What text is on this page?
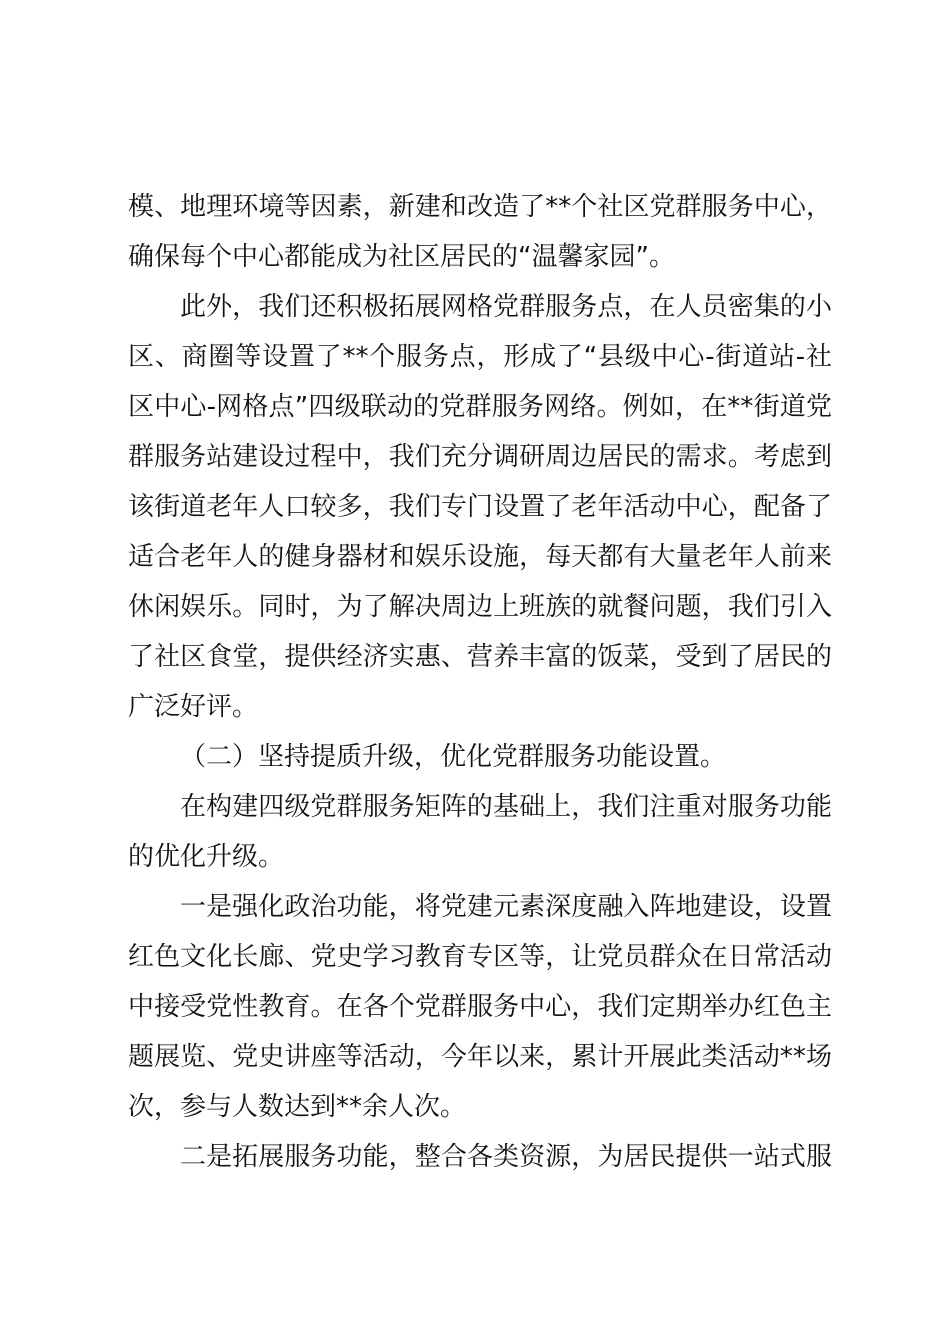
模、地理环境等因素，新建和改造了**个社区党群服务中心，
确保每个中心都能成为社区居民的“温馨家园”。
此外，我们还积极拓展网格党群服务点，在人员密集的小
区、商圈等设置了**个服务点，形成了“县级中心-街道站-社
区中心-网格点”四级联动的党群服务网络。例如，在**街道党
群服务站建设过程中，我们充分调研周边居民的需求。考虑到
该街道老年人口较多，我们专门设置了老年活动中心，配备了
适合老年人的健身器材和娱乐设施，每天都有大量老年人前来
休闲娱乐。同时，为了解决周边上班族的就餐问题，我们引入
了社区食堂，提供经济实惠、营养丰富的饭菜，受到了居民的
广泛好评。
（二）坚持提质升级，优化党群服务功能设置。
在构建四级党群服务矩阵的基础上，我们注重对服务功能
的优化升级。
一是强化政治功能，将党建元素深度融入阵地建设，设置
红色文化长廊、党史学习教育专区等，让党员群众在日常活动
中接受党性教育。在各个党群服务中心，我们定期举办红色主
题展览、党史讲座等活动，今年以来，累计开展此类活动**场
次，参与人数达到**余人次。
二是拓展服务功能，整合各类资源，为居民提供一站式服
